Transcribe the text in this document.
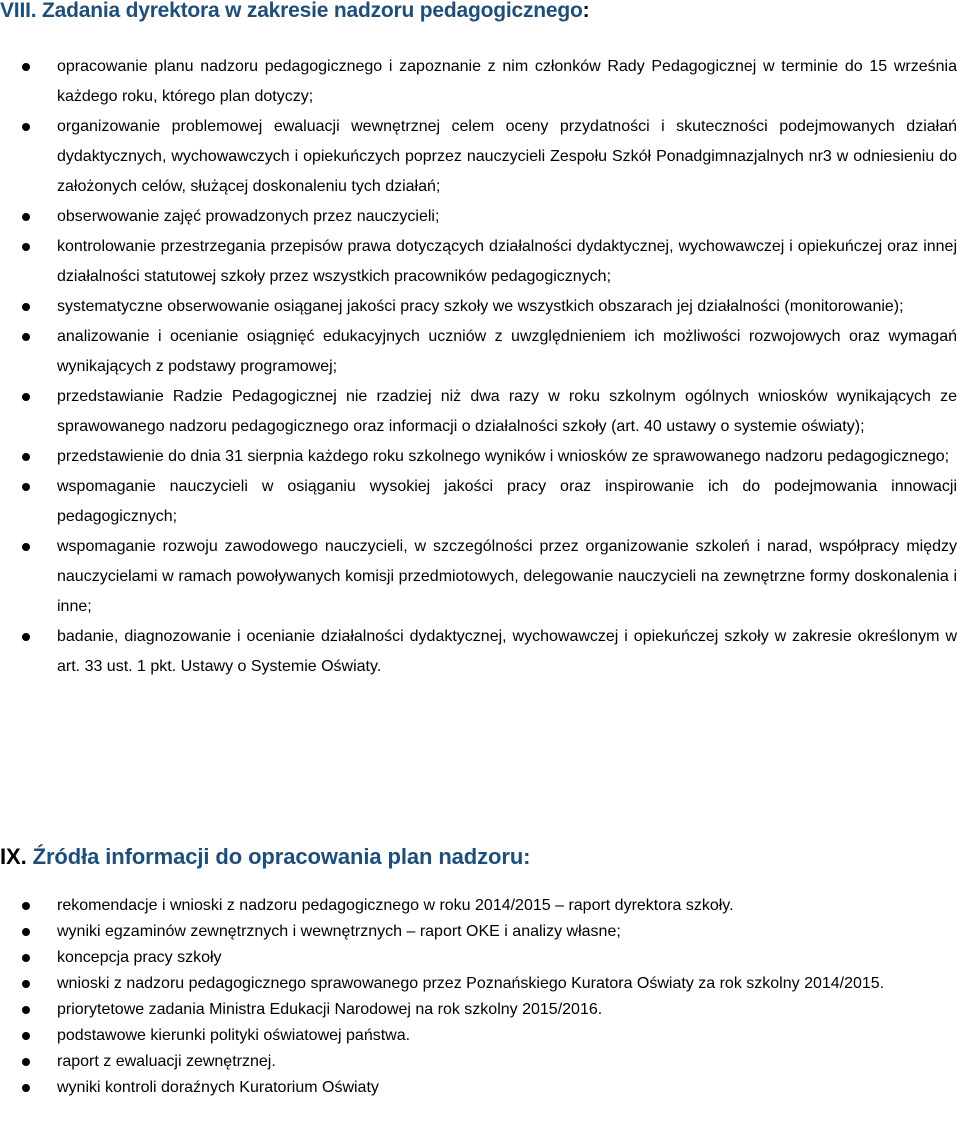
VIII. Zadania dyrektora w zakresie nadzoru pedagogicznego:
opracowanie planu nadzoru pedagogicznego i zapoznanie z nim członków Rady Pedagogicznej w terminie do 15 września każdego roku, którego plan dotyczy;
organizowanie problemowej ewaluacji wewnętrznej celem oceny przydatności i skuteczności podejmowanych działań dydaktycznych, wychowawczych i opiekuńczych poprzez nauczycieli Zespołu Szkół Ponadgimnazjalnych nr3 w odniesieniu do założonych celów, służącej doskonaleniu tych działań;
obserwowanie zajęć prowadzonych przez nauczycieli;
kontrolowanie przestrzegania przepisów prawa dotyczących działalności dydaktycznej, wychowawczej i opiekuńczej oraz innej działalności statutowej szkoły przez wszystkich pracowników pedagogicznych;
systematyczne obserwowanie osiąganej jakości pracy szkoły we wszystkich obszarach jej działalności (monitorowanie);
analizowanie i ocenianie osiągnięć edukacyjnych uczniów z uwzględnieniem ich możliwości rozwojowych oraz wymagań wynikających z podstawy programowej;
przedstawianie Radzie Pedagogicznej nie rzadziej niż dwa razy w roku szkolnym ogólnych wniosków wynikających ze sprawowanego nadzoru pedagogicznego oraz informacji o działalności szkoły (art. 40 ustawy o systemie oświaty);
przedstawienie do dnia 31 sierpnia każdego roku szkolnego wyników i wniosków ze sprawowanego nadzoru pedagogicznego;
wspomaganie nauczycieli w osiąganiu wysokiej jakości pracy oraz inspirowanie ich do podejmowania innowacji pedagogicznych;
wspomaganie rozwoju zawodowego nauczycieli, w szczególności przez organizowanie szkoleń i narad, współpracy między nauczycielami w ramach powoływanych komisji przedmiotowych, delegowanie nauczycieli na zewnętrzne formy doskonalenia i inne;
badanie, diagnozowanie i ocenianie działalności dydaktycznej, wychowawczej i opiekuńczej szkoły w zakresie określonym w art. 33 ust. 1 pkt. Ustawy o Systemie Oświaty.
IX. Źródła informacji do opracowania plan nadzoru:
rekomendacje i wnioski z nadzoru pedagogicznego w roku 2014/2015 – raport dyrektora szkoły.
wyniki egzaminów zewnętrznych i wewnętrznych – raport OKE i analizy własne;
koncepcja pracy szkoły
wnioski z nadzoru pedagogicznego sprawowanego przez Poznańskiego Kuratora Oświaty za rok szkolny 2014/2015.
priorytetowe zadania Ministra Edukacji Narodowej na rok szkolny 2015/2016.
podstawowe kierunki polityki oświatowej państwa.
raport z ewaluacji zewnętrznej.
wyniki kontroli doraźnych Kuratorium Oświaty
